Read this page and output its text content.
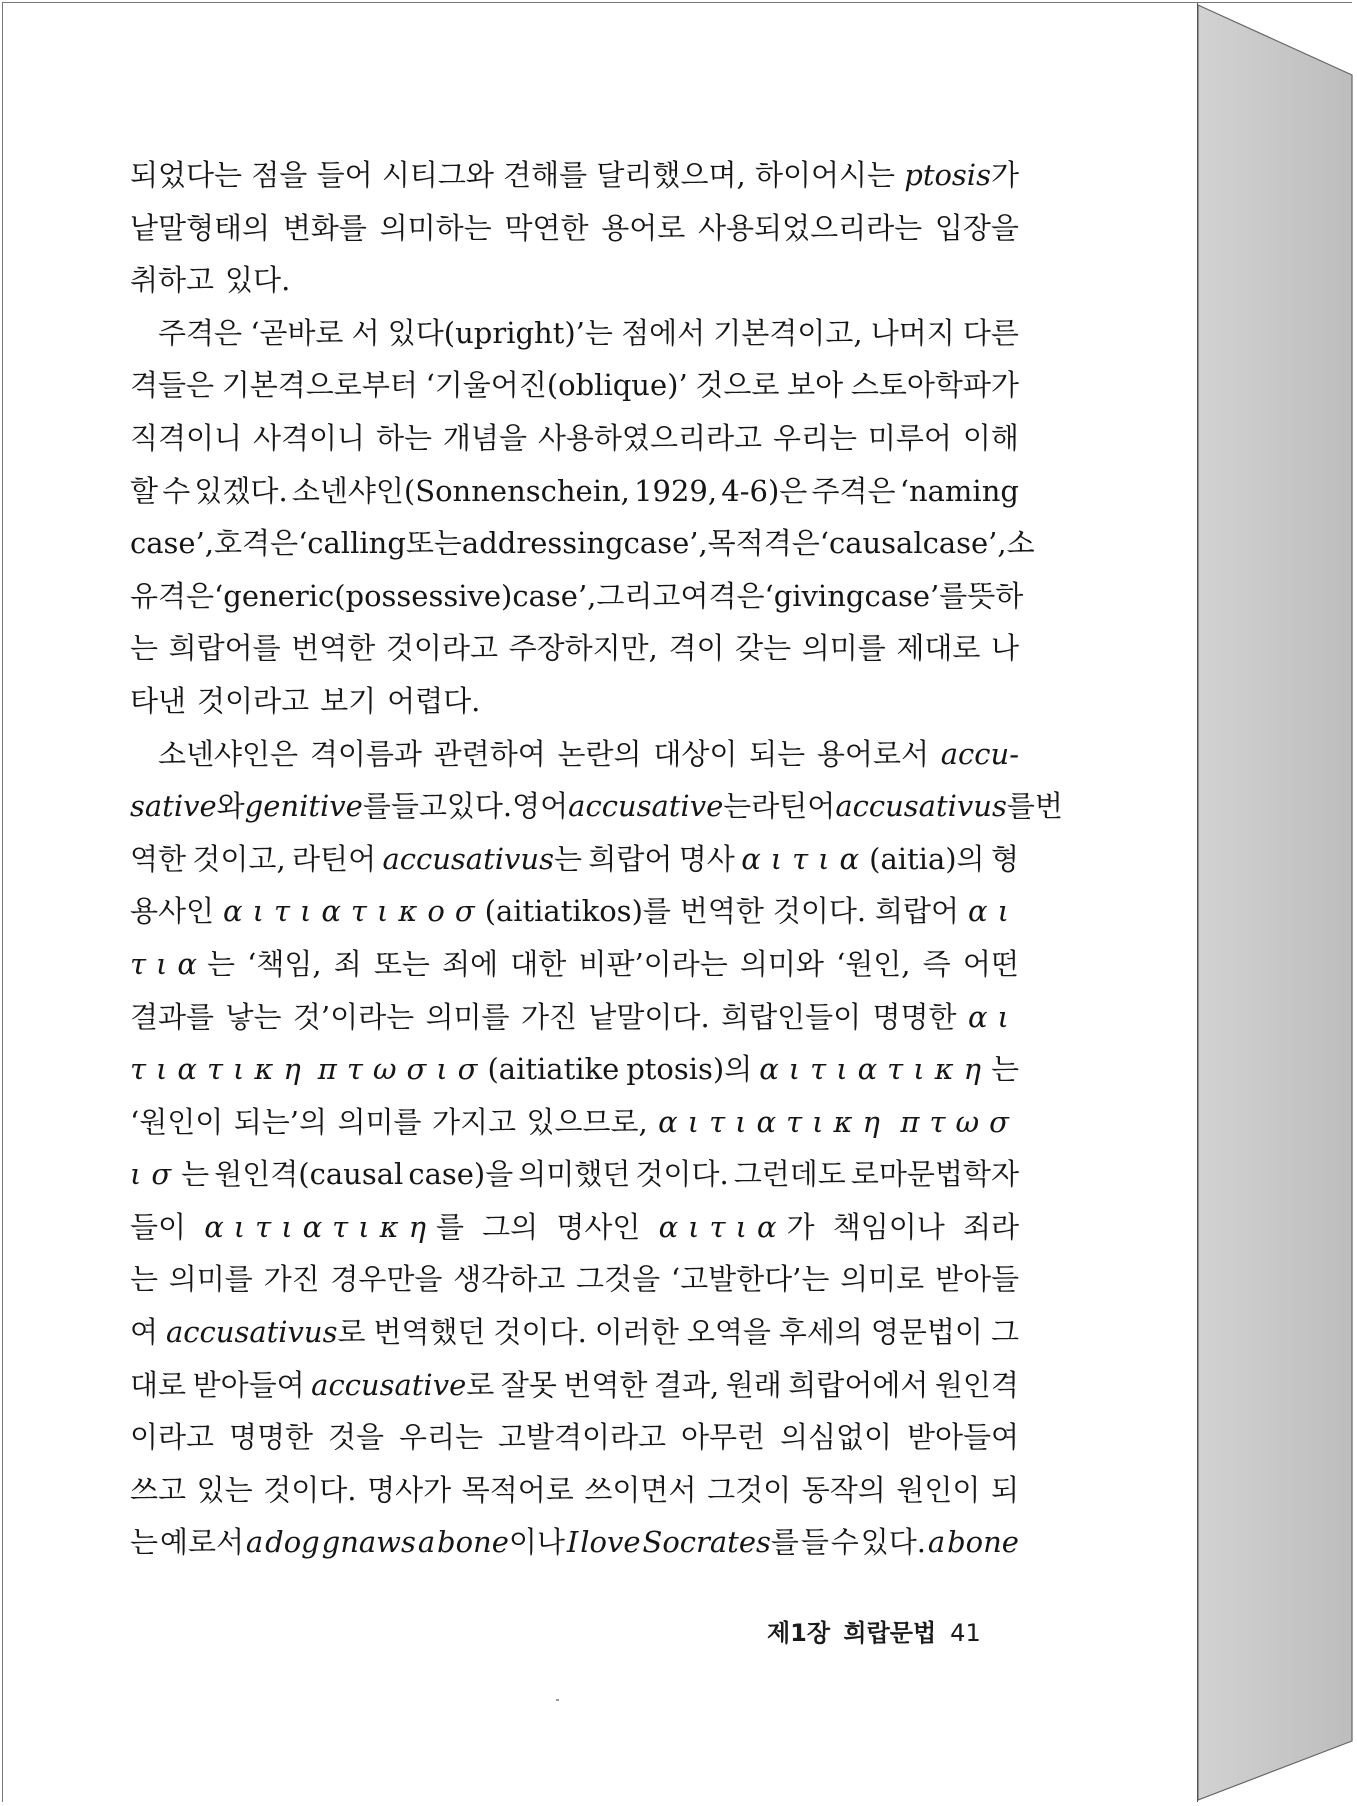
되었다는 점을 들어 시티그와 견해를 달리했으며, 하이어시는 ptosis가
낱말형태의 변화를 의미하는 막연한 용어로 사용되었으리라는 입장을
취하고 있다.
주격은 ‘곧바로 서 있다(upright)’는 점에서 기본격이고, 나머지 다른
격들은 기본격으로부터 ‘기울어진(oblique)’ 것으로 보아 스토아학파가
직격이니 사격이니 하는 개념을 사용하였으리라고 우리는 미루어 이해
할 수 있겠다. 소넨샤인(Sonnenschein, 1929, 4-6)은 주격은 ‘naming
case’, 호격은 ‘calling 또는 addressing case’, 목적격은 ‘causal case’, 소
유격은 ‘generic(possessive) case’, 그리고 여격은 ‘giving case’를 뜻하
는 희랍어를 번역한 것이라고 주장하지만, 격이 갖는 의미를 제대로 나
타낸 것이라고 보기 어렵다.
소넨샤인은 격이름과 관련하여 논란의 대상이 되는 용어로서 accu-
sative와 genitive를 들고 있다. 영어 accusative는 라틴어 accusativus를 번
역한 것이고, 라틴어 accusativus는 희랍어 명사 αιτια(aitia)의 형
용사인 αιτιατικοσ(aitiatikos)를 번역한 것이다. 희랍어 αι
τια는 ‘책임, 죄 또는 죄에 대한 비판’이라는 의미와 ‘원인, 즉 어떤
결과를 낳는 것’이라는 의미를 가진 낱말이다. 희랍인들이 명명한 αι
τιατικη πτωσισ(aitiatike ptosis)의 αιτιατικη는
‘원인이 되는’의 의미를 가지고 있으므로, αιτιατικη πτωσ
ισ는 원인격(causal case)을 의미했던 것이다. 그런데도 로마문법학자
들이 αιτιατικη를 그의 명사인 αιτια가 책임이나 죄라
는 의미를 가진 경우만을 생각하고 그것을 ‘고발한다’는 의미로 받아들
여 accusativus로 번역했던 것이다. 이러한 오역을 후세의 영문법이 그
대로 받아들여 accusative로 잘못 번역한 결과, 원래 희랍어에서 원인격
이라고 명명한 것을 우리는 고발격이라고 아무런 의심없이 받아들여
쓰고 있는 것이다. 명사가 목적어로 쓰이면서 그것이 동작의 원인이 되
는 예로서 a dog gnaws a bone이나 I love Socrates를 들 수 있다. a bone
제1장 희랍문법 41
